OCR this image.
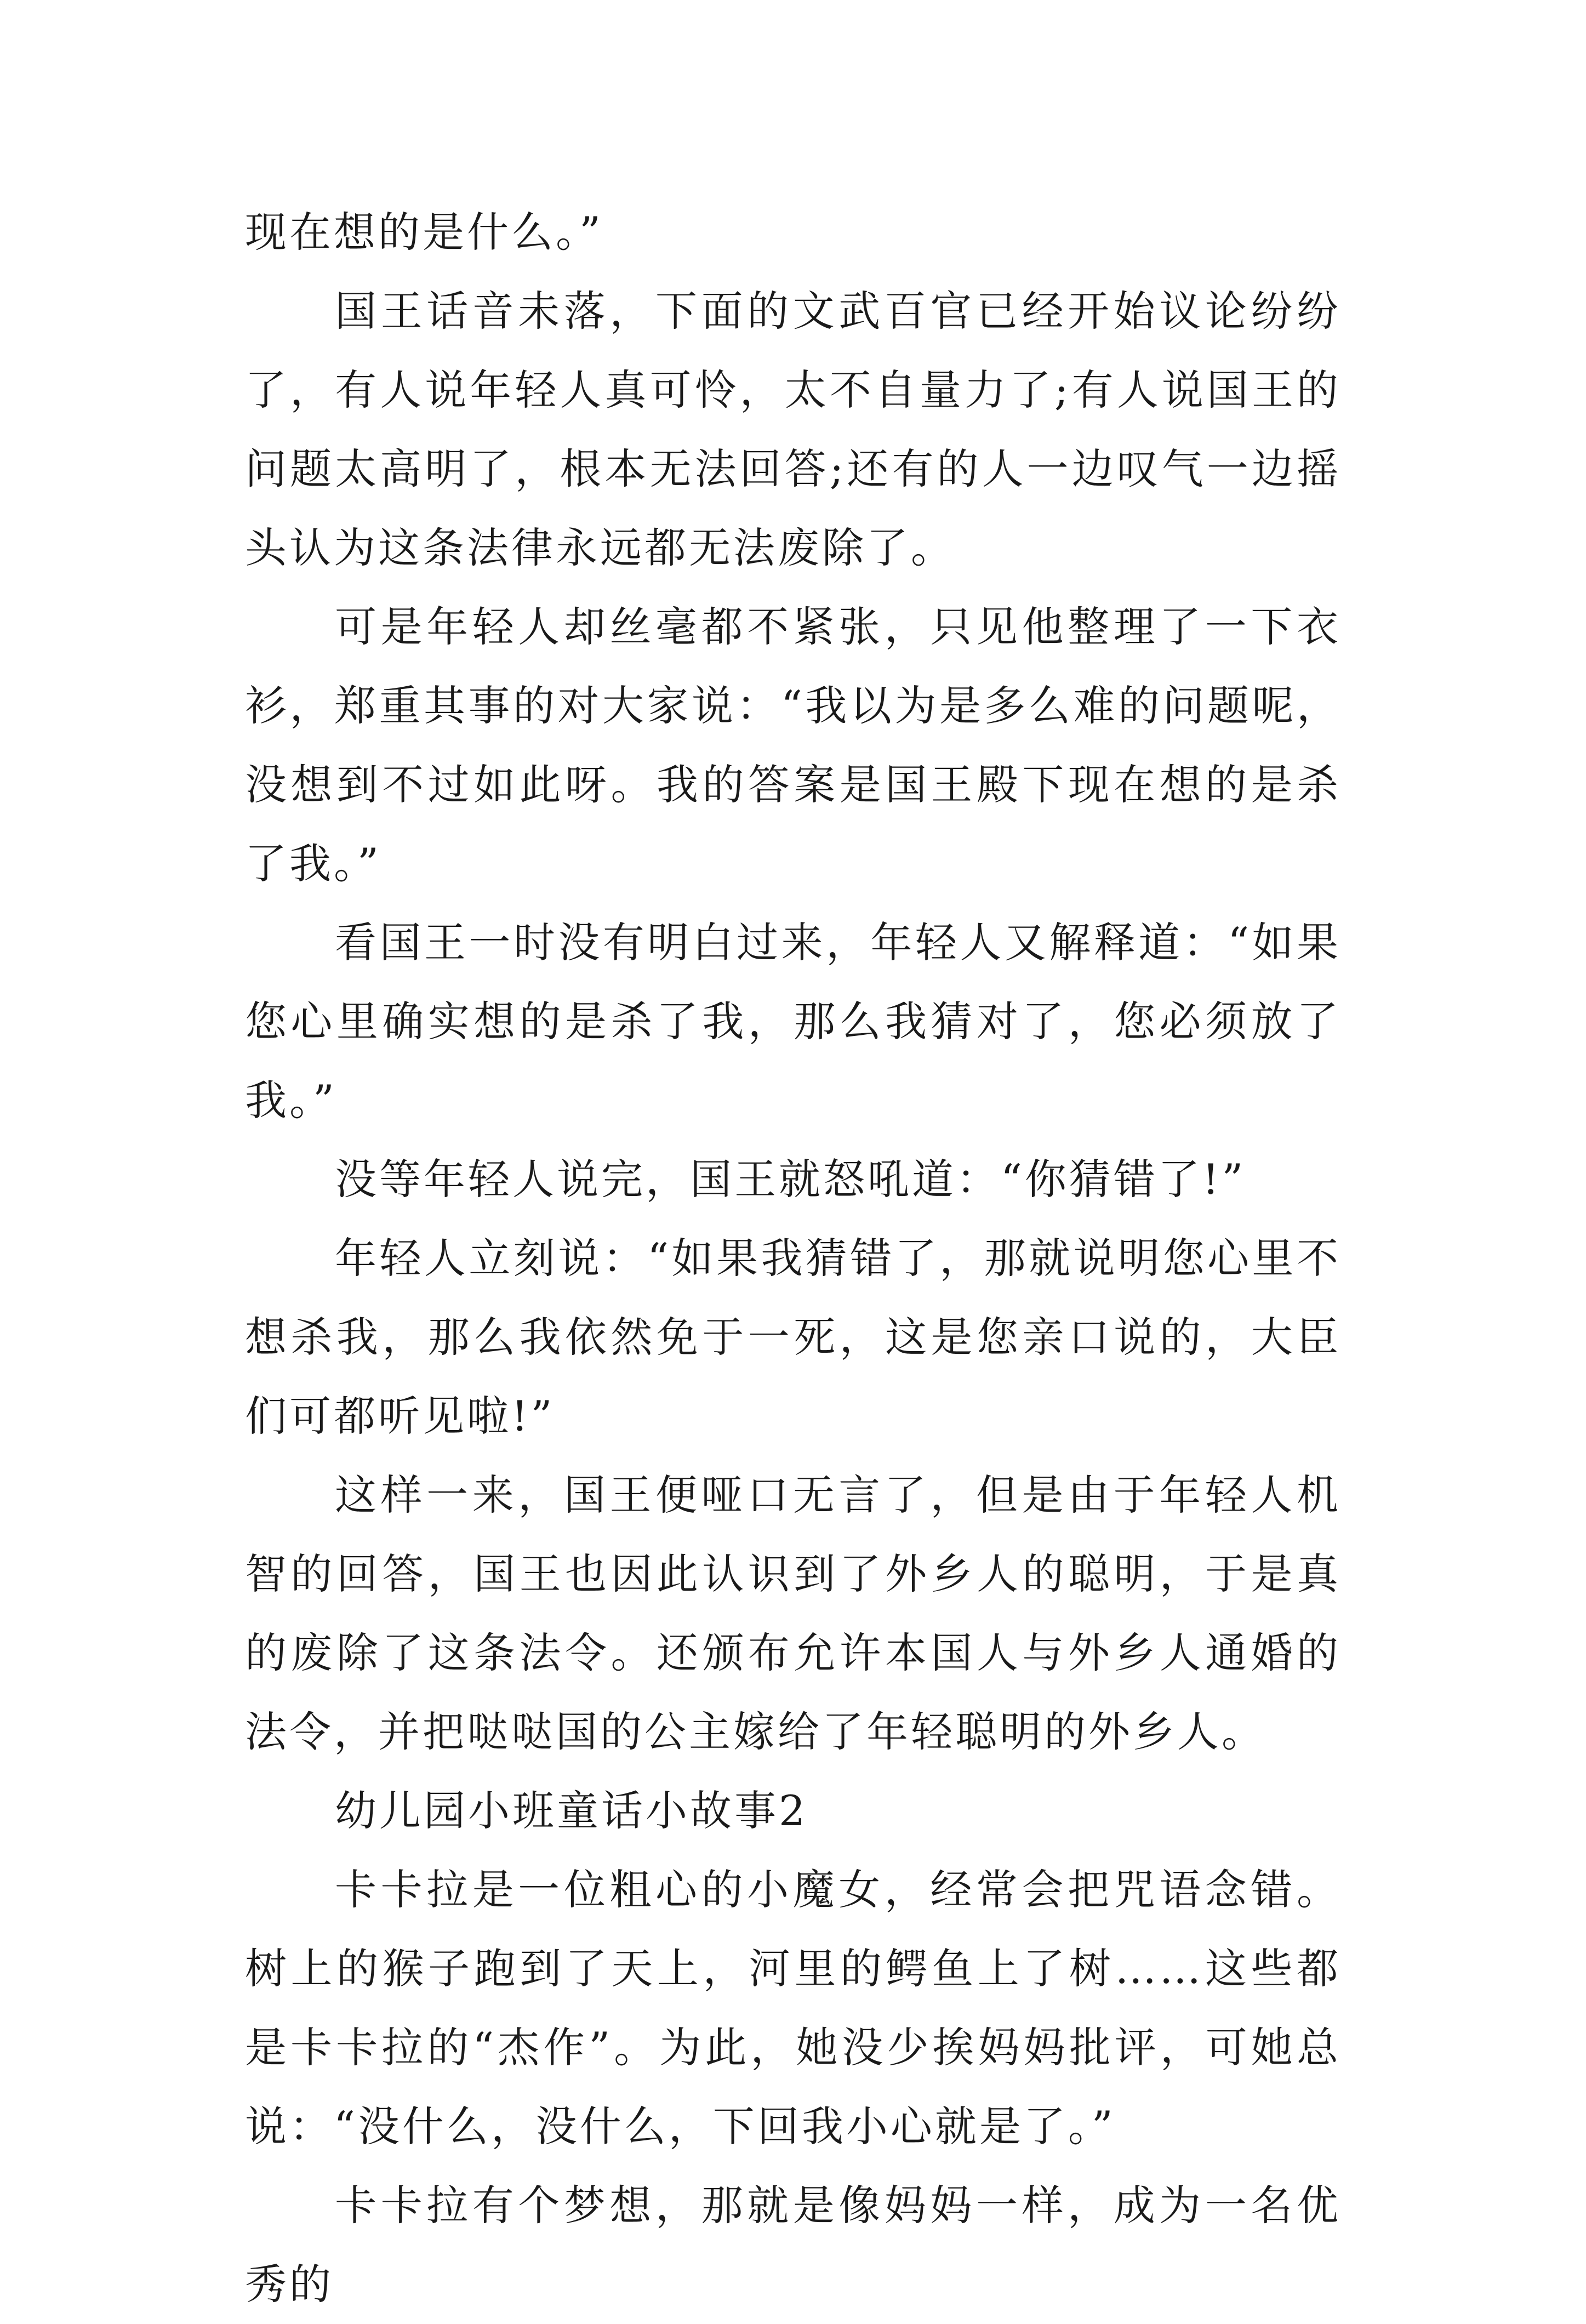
现在想的是什么。”

国王话音未落，下面的文武百官已经开始议论纷纷了，有人说年轻人真可怜，太不自量力了;有人说国王的问题太高明了，根本无法回答;还有的人一边叹气一边摇头认为这条法律永远都无法废除了。

可是年轻人却丝毫都不紧张，只见他整理了一下衣衫，郑重其事的对大家说：“我以为是多么难的问题呢，没想到不过如此呀。我的答案是国王殿下现在想的是杀了我。”

看国王一时没有明白过来，年轻人又解释道：“如果您心里确实想的是杀了我，那么我猜对了，您必须放了我。”

没等年轻人说完，国王就怒吼道：“你猜错了!”

年轻人立刻说：“如果我猜错了，那就说明您心里不想杀我，那么我依然免于一死，这是您亲口说的，大臣们可都听见啦!”

这样一来，国王便哑口无言了，但是由于年轻人机智的回答，国王也因此认识到了外乡人的聪明，于是真的废除了这条法令。还颁布允许本国人与外乡人通婚的法令，并把哒哒国的公主嫁给了年轻聪明的外乡人。

幼儿园小班童话小故事2

卡卡拉是一位粗心的小魔女，经常会把咒语念错。树上的猴子跑到了天上，河里的鳄鱼上了树……这些都是卡卡拉的“杰作”。为此，她没少挨妈妈批评，可她总说：“没什么，没什么，下回我小心就是了。”

卡卡拉有个梦想，那就是像妈妈一样，成为一名优秀的
